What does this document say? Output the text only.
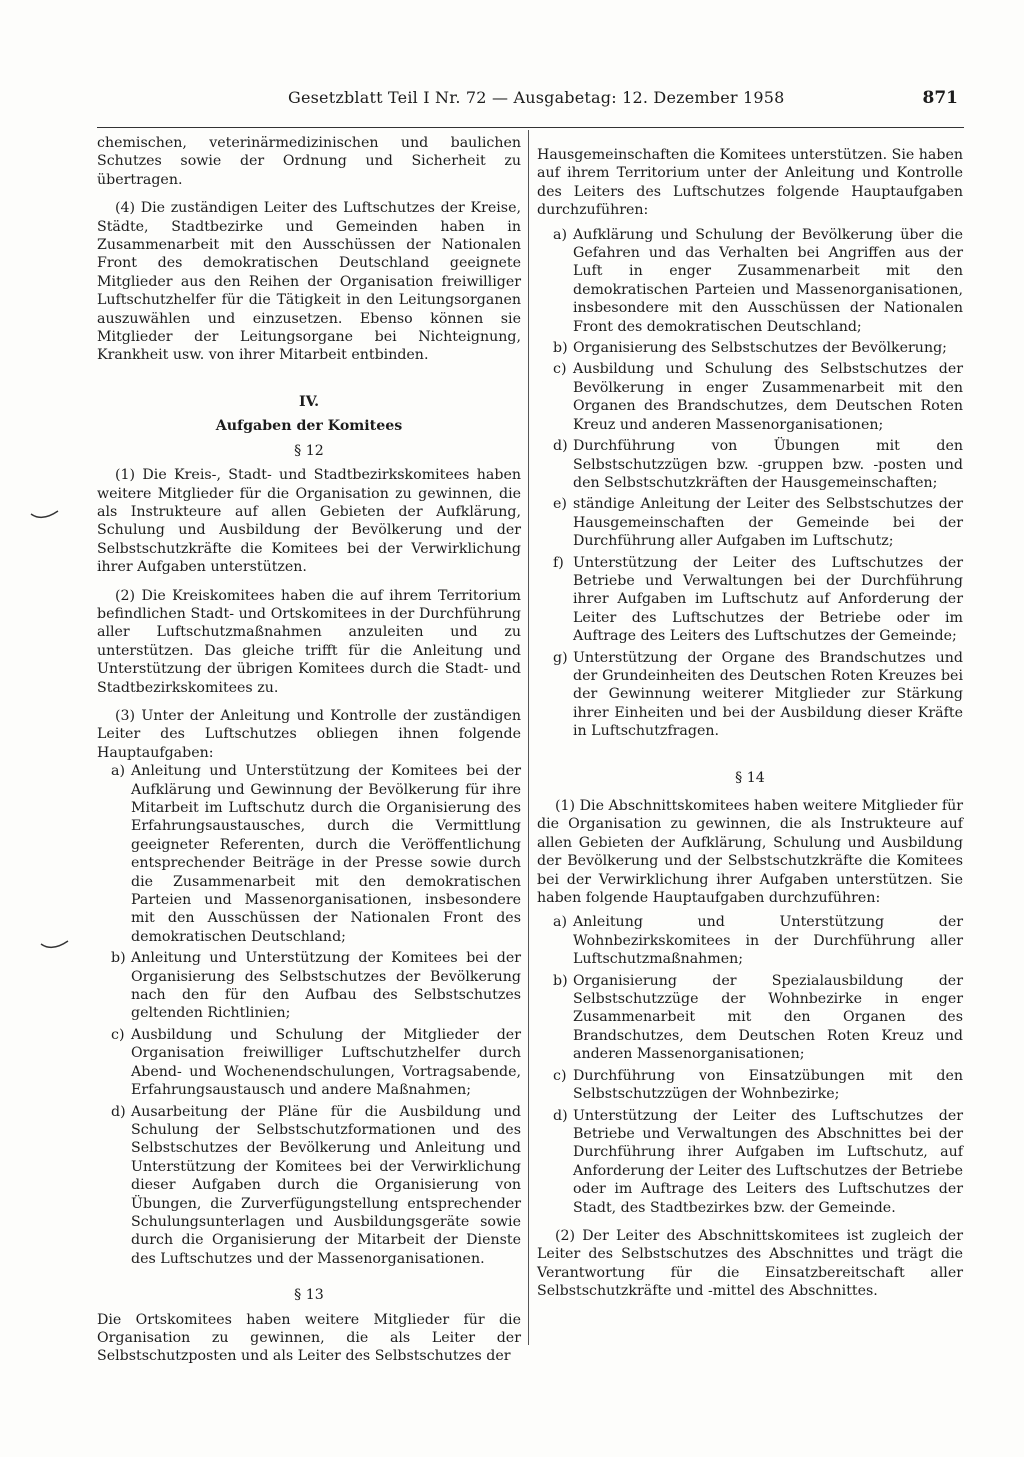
Gesetzblatt Teil I Nr. 72 — Ausgabetag: 12. Dezember 1958	871

chemischen, veterinärmedizinischen und baulichen Schutzes sowie der Ordnung und Sicherheit zu übertragen.

(4) Die zuständigen Leiter des Luftschutzes der Kreise, Städte, Stadtbezirke und Gemeinden haben in Zusammenarbeit mit den Ausschüssen der Nationalen Front des demokratischen Deutschland geeignete Mitglieder aus den Reihen der Organisation freiwilliger Luftschutzhelfer für die Tätigkeit in den Leitungsorganen auszuwählen und einzusetzen. Ebenso können sie Mitglieder der Leitungsorgane bei Nichteignung, Krankheit usw. von ihrer Mitarbeit entbinden.

IV.

Aufgaben der Komitees

§ 12

(1) Die Kreis-, Stadt- und Stadtbezirkskomitees haben weitere Mitglieder für die Organisation zu gewinnen, die als Instrukteure auf allen Gebieten der Aufklärung, Schulung und Ausbildung der Bevölkerung und der Selbstschutzkräfte die Komitees bei der Verwirklichung ihrer Aufgaben unterstützen.

(2) Die Kreiskomitees haben die auf ihrem Territorium befindlichen Stadt- und Ortskomitees in der Durchführung aller Luftschutzmaßnahmen anzuleiten und zu unterstützen. Das gleiche trifft für die Anleitung und Unterstützung der übrigen Komitees durch die Stadt- und Stadtbezirkskomitees zu.

(3) Unter der Anleitung und Kontrolle der zuständigen Leiter des Luftschutzes obliegen ihnen folgende Hauptaufgaben:

a) Anleitung und Unterstützung der Komitees bei der Aufklärung und Gewinnung der Bevölkerung für ihre Mitarbeit im Luftschutz durch die Organisierung des Erfahrungsaustausches, durch die Vermittlung geeigneter Referenten, durch die Veröffentlichung entsprechender Beiträge in der Presse sowie durch die Zusammenarbeit mit den demokratischen Parteien und Massenorganisationen, insbesondere mit den Ausschüssen der Nationalen Front des demokratischen Deutschland;
b) Anleitung und Unterstützung der Komitees bei der Organisierung des Selbstschutzes der Bevölkerung nach den für den Aufbau des Selbstschutzes geltenden Richtlinien;
c) Ausbildung und Schulung der Mitglieder der Organisation freiwilliger Luftschutzhelfer durch Abend- und Wochenendschulungen, Vortragsabende, Erfahrungsaustausch und andere Maßnahmen;
d) Ausarbeitung der Pläne für die Ausbildung und Schulung der Selbstschutzformationen und des Selbstschutzes der Bevölkerung und Anleitung und Unterstützung der Komitees bei der Verwirklichung dieser Aufgaben durch die Organisierung von Übungen, die Zurverfügungstellung entsprechender Schulungsunterlagen und Ausbildungsgeräte sowie durch die Organisierung der Mitarbeit der Dienste des Luftschutzes und der Massenorganisationen.

§ 13

Die Ortskomitees haben weitere Mitglieder für die Organisation zu gewinnen, die als Leiter der Selbstschutzposten und als Leiter des Selbstschutzes der

Hausgemeinschaften die Komitees unterstützen. Sie haben auf ihrem Territorium unter der Anleitung und Kontrolle des Leiters des Luftschutzes folgende Hauptaufgaben durchzuführen:

a) Aufklärung und Schulung der Bevölkerung über die Gefahren und das Verhalten bei Angriffen aus der Luft in enger Zusammenarbeit mit den demokratischen Parteien und Massenorganisationen, insbesondere mit den Ausschüssen der Nationalen Front des demokratischen Deutschland;
b) Organisierung des Selbstschutzes der Bevölkerung;
c) Ausbildung und Schulung des Selbstschutzes der Bevölkerung in enger Zusammenarbeit mit den Organen des Brandschutzes, dem Deutschen Roten Kreuz und anderen Massenorganisationen;
d) Durchführung von Übungen mit den Selbstschutzzügen bzw. -gruppen bzw. -posten und den Selbstschutzkräften der Hausgemeinschaften;
e) ständige Anleitung der Leiter des Selbstschutzes der Hausgemeinschaften der Gemeinde bei der Durchführung aller Aufgaben im Luftschutz;
f) Unterstützung der Leiter des Luftschutzes der Betriebe und Verwaltungen bei der Durchführung ihrer Aufgaben im Luftschutz auf Anforderung der Leiter des Luftschutzes der Betriebe oder im Auftrage des Leiters des Luftschutzes der Gemeinde;
g) Unterstützung der Organe des Brandschutzes und der Grundeinheiten des Deutschen Roten Kreuzes bei der Gewinnung weiterer Mitglieder zur Stärkung ihrer Einheiten und bei der Ausbildung dieser Kräfte in Luftschutzfragen.

§ 14

(1) Die Abschnittskomitees haben weitere Mitglieder für die Organisation zu gewinnen, die als Instrukteure auf allen Gebieten der Aufklärung, Schulung und Ausbildung der Bevölkerung und der Selbstschutzkräfte die Komitees bei der Verwirklichung ihrer Aufgaben unterstützen. Sie haben folgende Hauptaufgaben durchzuführen:

a) Anleitung und Unterstützung der Wohnbezirkskomitees in der Durchführung aller Luftschutzmaßnahmen;
b) Organisierung der Spezialausbildung der Selbstschutzzüge der Wohnbezirke in enger Zusammenarbeit mit den Organen des Brandschutzes, dem Deutschen Roten Kreuz und anderen Massenorganisationen;
c) Durchführung von Einsatzübungen mit den Selbstschutzzügen der Wohnbezirke;
d) Unterstützung der Leiter des Luftschutzes der Betriebe und Verwaltungen des Abschnittes bei der Durchführung ihrer Aufgaben im Luftschutz, auf Anforderung der Leiter des Luftschutzes der Betriebe oder im Auftrage des Leiters des Luftschutzes der Stadt, des Stadtbezirkes bzw. der Gemeinde.

(2) Der Leiter des Abschnittskomitees ist zugleich der Leiter des Selbstschutzes des Abschnittes und trägt die Verantwortung für die Einsatzbereitschaft aller Selbstschutzkräfte und -mittel des Abschnittes.
